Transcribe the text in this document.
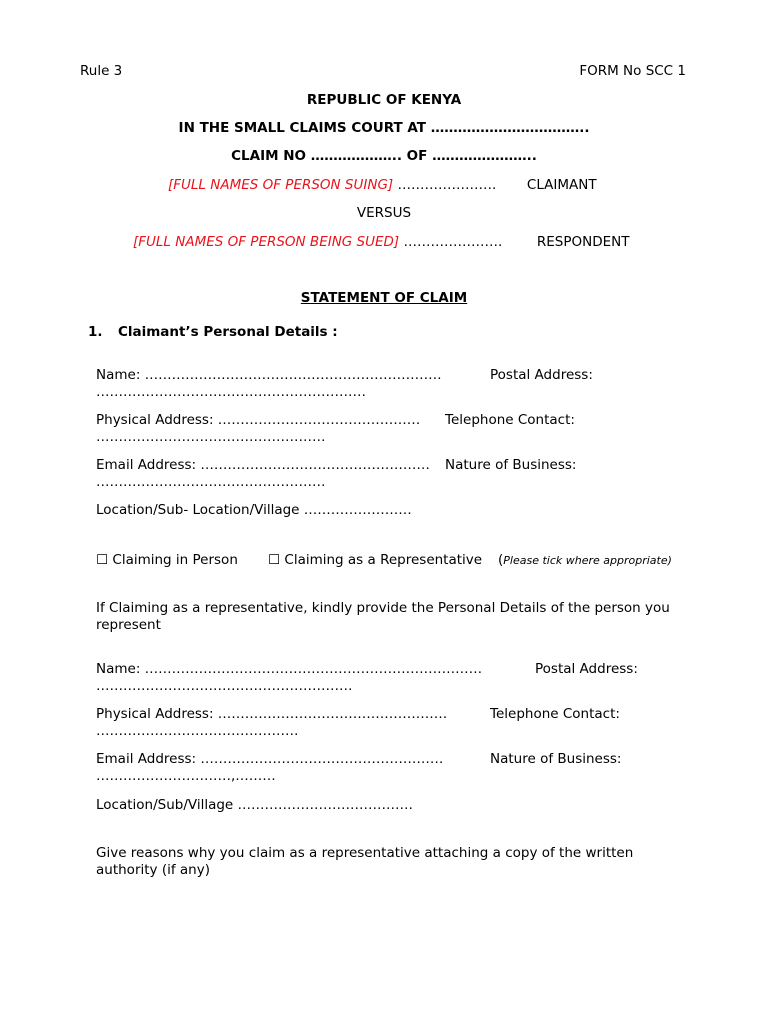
Rule 3	FORM No SCC 1
REPUBLIC OF KENYA
IN THE SMALL CLAIMS COURT AT ……………………………..
CLAIM NO ……………….. OF …………………..
[FULL NAMES OF PERSON SUING] …………………. CLAIMANT
VERSUS
[FULL NAMES OF PERSON BEING SUED] ………………….	RESPONDENT
STATEMENT OF CLAIM
1. Claimant’s Personal Details :
Name: …………………………………………………………	Postal Address:
……………………………………………………
Physical Address: ……………………………………… Telephone Contact:
……………………………………………
Email Address: …………………………………………… Nature of Business:
……………………………………………
Location/Sub- Location/Village ……………………
☐ Claiming in Person ☐ Claiming as a Representative (Please tick where appropriate)
If Claiming as a representative, kindly provide the Personal Details of the person you represent
Name: …………………………………………………………………	Postal Address:
…………………………………………………
Physical Address: ……………………………………………	Telephone Contact:
………………………………………
Email Address: ………………………………………………	Nature of Business:
…………………………,………
Location/Sub/Village …………………………………
Give reasons why you claim as a representative attaching a copy of the written authority (if any)
